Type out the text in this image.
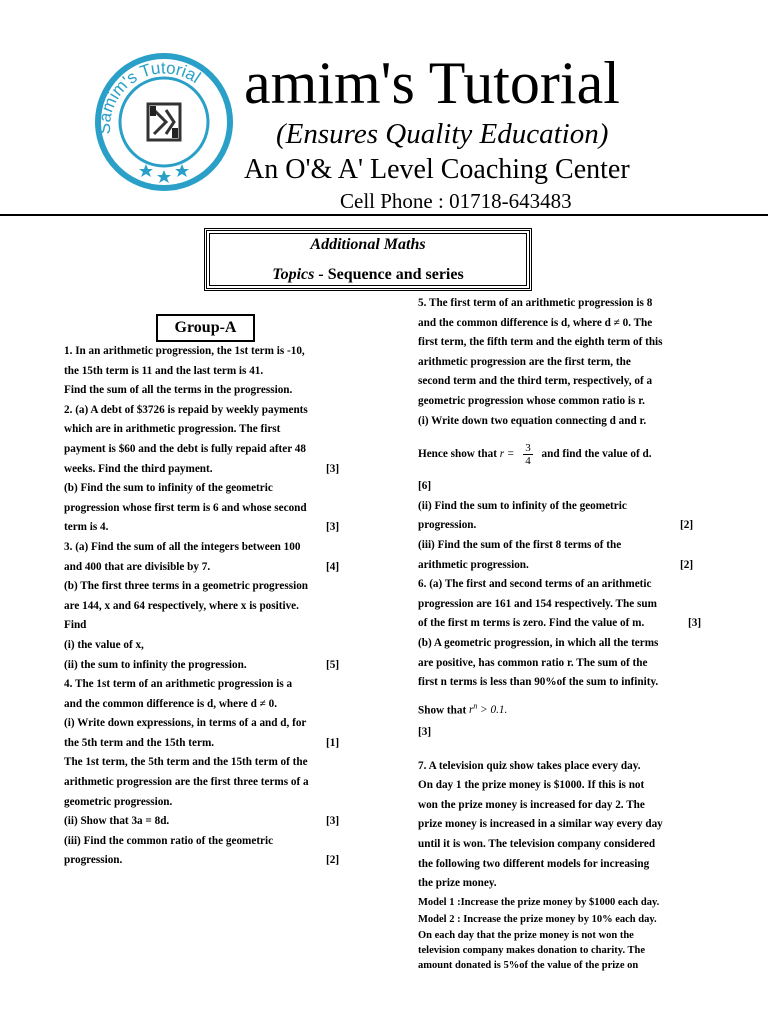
Samim's Tutorial amim's Tutorial
(Ensures Quality Education)
An O'& A' Level Coaching Center
Cell Phone : 01718-643483
Additional Maths
Topics - Sequence and series
Group-A
1. In an arithmetic progression, the 1st term is -10,
the 15th term is 11 and the last term is 41.
Find the sum of all the terms in the progression.
2. (a) A debt of $3726 is repaid by weekly payments
which are in arithmetic progression. The first
payment is $60 and the debt is fully repaid after 48
weeks. Find the third payment.	[3]
(b) Find the sum to infinity of the geometric
progression whose first term is 6 and whose second
term is 4.	[3]
3. (a) Find the sum of all the integers between 100
and 400 that are divisible by 7.	[4]
(b) The first three terms in a geometric progression
are 144, x and 64 respectively, where x is positive.
Find
(i) the value of x,
(ii) the sum to infinity the progression.	[5]
4. The 1st term of an arithmetic progression is a
and the common difference is d, where d ≠ 0.
(i) Write down expressions, in terms of a and d, for
the 5th term and the 15th term.	[1]
The 1st term, the 5th term and the 15th term of the
arithmetic progression are the first three terms of a
geometric progression.
(ii) Show that 3a = 8d.	[3]
(iii) Find the common ratio of the geometric
progression.	[2]
5. The first term of an arithmetic progression is 8
and the common difference is d, where d ≠ 0. The
first term, the fifth term and the eighth term of this
arithmetic progression are the first term, the
second term and the third term, respectively, of a
geometric progression whose common ratio is r.
(i) Write down two equation connecting d and r.
Hence show that $r = \frac{3}{4}$ and find the value of d.
[6]
(ii) Find the sum to infinity of the geometric
progression.	[2]
(iii) Find the sum of the first 8 terms of the
arithmetic progression.	[2]
6. (a) The first and second terms of an arithmetic
progression are 161 and 154 respectively. The sum
of the first m terms is zero. Find the value of m.	[3]
(b) A geometric progression, in which all the terms
are positive, has common ratio r. The sum of the
first n terms is less than 90%of the sum to infinity.
Show that $r^n > 0.1$.
[3]
7. A television quiz show takes place every day.
On day 1 the prize money is $1000. If this is not
won the prize money is increased for day 2. The
prize money is increased in a similar way every day
until it is won. The television company considered
the following two different models for increasing
the prize money.
Model 1 :Increase the prize money by $1000 each day.
Model 2 : Increase the prize money by 10% each day.
On each day that the prize money is not won the
television company makes donation to charity. The
amount donated is 5%of the value of the prize on
